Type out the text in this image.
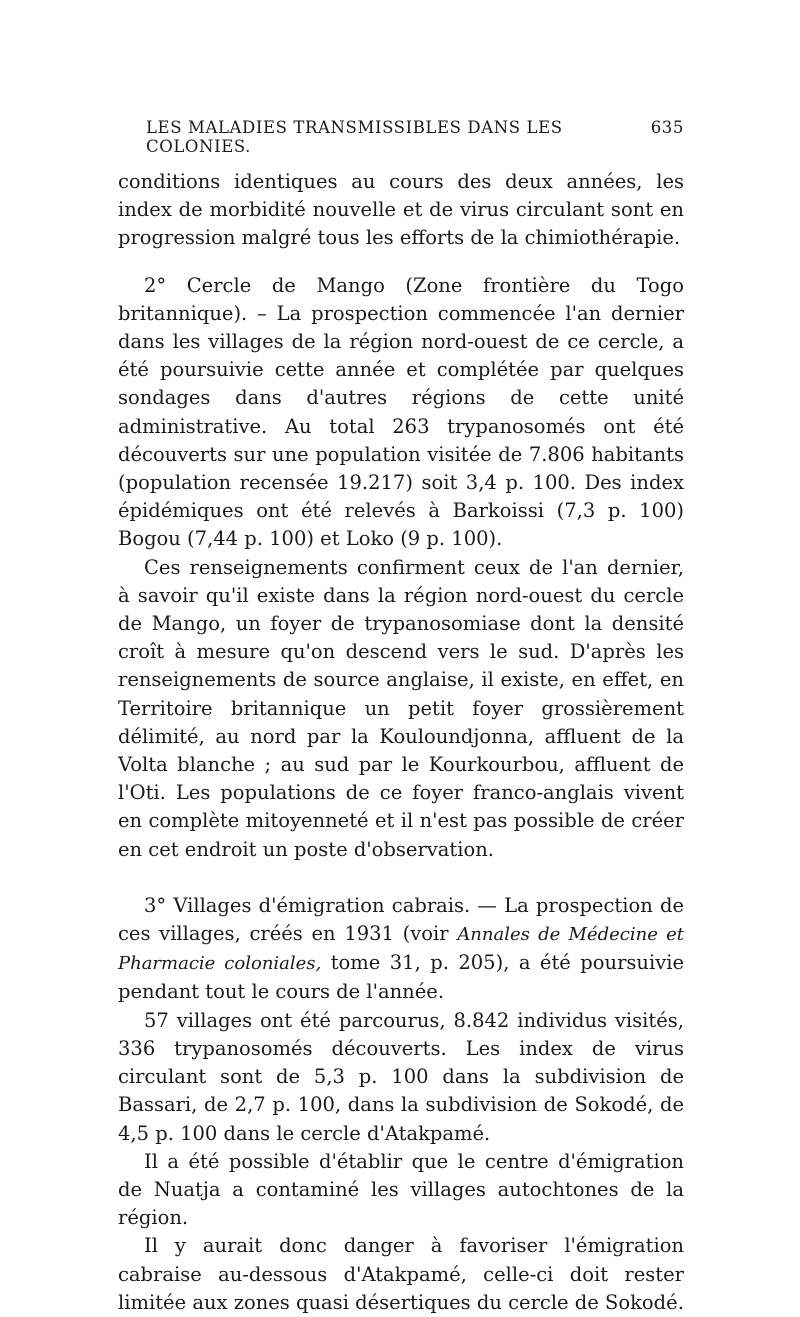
LES MALADIES TRANSMISSIBLES DANS LES COLONIES.
635

conditions identiques au cours des deux années, les index de morbidité nouvelle et de virus circulant sont en progression malgré tous les efforts de la chimiothérapie.

2° Cercle de Mango (Zone frontière du Togo britannique). – La prospection commencée l'an dernier dans les villages de la région nord-ouest de ce cercle, a été poursuivie cette année et complétée par quelques sondages dans d'autres régions de cette unité administrative. Au total 263 trypanosomés ont été découverts sur une population visitée de 7.806 habitants (population recensée 19.217) soit 3,4 p. 100. Des index épidémiques ont été relevés à Barkoissi (7,3 p. 100) Bogou (7,44 p. 100) et Loko (9 p. 100).

Ces renseignements confirment ceux de l'an dernier, à savoir qu'il existe dans la région nord-ouest du cercle de Mango, un foyer de trypanosomiase dont la densité croît à mesure qu'on descend vers le sud. D'après les renseignements de source anglaise, il existe, en effet, en Territoire britannique un petit foyer grossièrement délimité, au nord par la Kouloundjonna, affluent de la Volta blanche ; au sud par le Kourkourbou, affluent de l'Oti. Les populations de ce foyer franco-anglais vivent en complète mitoyenneté et il n'est pas possible de créer en cet endroit un poste d'observation.

3° Villages d'émigration cabrais. — La prospection de ces villages, créés en 1931 (voir Annales de Médecine et Pharmacie coloniales, tome 31, p. 205), a été poursuivie pendant tout le cours de l'année.

57 villages ont été parcourus, 8.842 individus visités, 336 trypanosomés découverts. Les index de virus circulant sont de 5,3 p. 100 dans la subdivision de Bassari, de 2,7 p. 100, dans la subdivision de Sokodé, de 4,5 p. 100 dans le cercle d'Atakpamé.

Il a été possible d'établir que le centre d'émigration de Nuatja a contaminé les villages autochtones de la région.

Il y aurait donc danger à favoriser l'émigration cabraise au-dessous d'Atakpamé, celle-ci doit rester limitée aux zones quasi désertiques du cercle de Sokodé.
